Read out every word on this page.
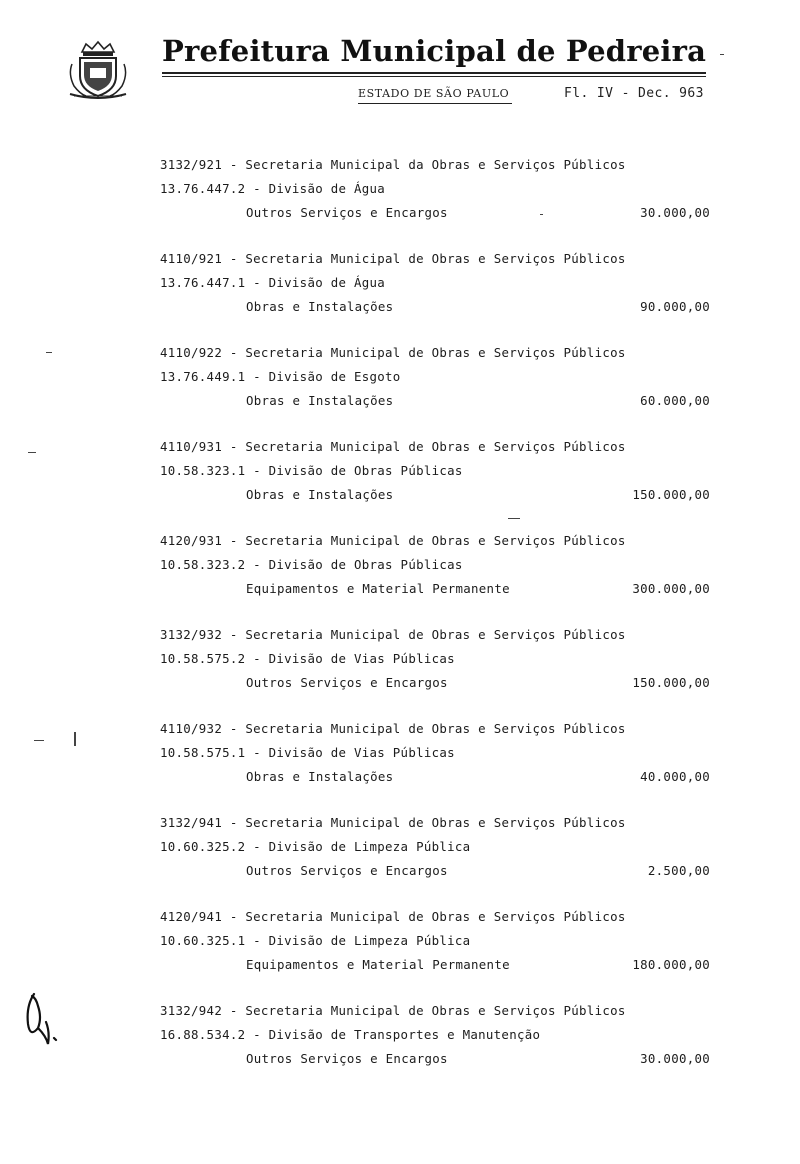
Prefeitura Municipal de Pedreira
ESTADO DE SÃO PAULO	Fl. IV - Dec. 963
3132/921 - Secretaria Municipal da Obras e Serviços Públicos
13.76.447.2 - Divisão de Água
Outros Serviços e Encargos	30.000,00
4110/921 - Secretaria Municipal de Obras e Serviços Públicos
13.76.447.1 - Divisão de Água
Obras e Instalações	90.000,00
4110/922 - Secretaria Municipal de Obras e Serviços Públicos
13.76.449.1 - Divisão de Esgoto
Obras e Instalações	60.000,00
4110/931 - Secretaria Municipal de Obras e Serviços Públicos
10.58.323.1 - Divisão de Obras Públicas
Obras e Instalações	150.000,00
4120/931 - Secretaria Municipal de Obras e Serviços Públicos
10.58.323.2 - Divisão de Obras Públicas
Equipamentos e Material Permanente	300.000,00
3132/932 - Secretaria Municipal de Obras e Serviços Públicos
10.58.575.2 - Divisão de Vias Públicas
Outros Serviços e Encargos	150.000,00
4110/932 - Secretaria Municipal de Obras e Serviços Públicos
10.58.575.1 - Divisão de Vias Públicas
Obras e Instalações	40.000,00
3132/941 - Secretaria Municipal de Obras e Serviços Públicos
10.60.325.2 - Divisão de Limpeza Pública
Outros Serviços e Encargos	2.500,00
4120/941 - Secretaria Municipal de Obras e Serviços Públicos
10.60.325.1 - Divisão de Limpeza Pública
Equipamentos e Material Permanente	180.000,00
3132/942 - Secretaria Municipal de Obras e Serviços Públicos
16.88.534.2 - Divisão de Transportes e Manutenção
Outros Serviços e Encargos	30.000,00
